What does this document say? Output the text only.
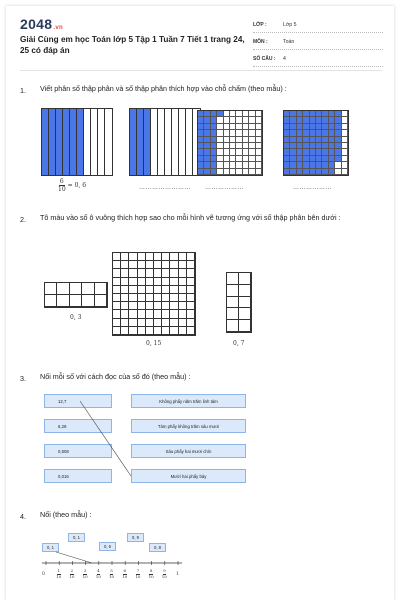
2048.vn
Giải Cùng em học Toán lớp 5 Tập 1 Tuần 7 Tiết 1 trang 24, 25 có đáp án
LỚP :	Lớp 5
MÔN :	Toán
SỐ CÂU :	4
1. Viết phân số thập phân và số thập phân thích hợp vào chỗ chấm (theo mẫu) :
$\frac{6}{10} = 0$, 6	…………………… ………………	………………
2. Tô màu vào số ô vuông thích hợp sao cho mỗi hình vẽ tương ứng với số thập phân bên dưới :
0, 3
0, 15	0, 7
3. Nối mỗi số với cách đọc của số đó (theo mẫu) :
12,7
6,29
0,508
0,016
Không phẩy năm trăm linh tám
Tám phẩy không trăm sáu mươi
Sáu phẩy hai mươi chín
Mười hai phẩy bảy
4. Nối (theo mẫu) :
0, 1
0, 1
0, 6
0, 9
0, 8
0	1
1
10
2
10
3
10
4
10
5
10
6
10
7
10
8
10
9
10
